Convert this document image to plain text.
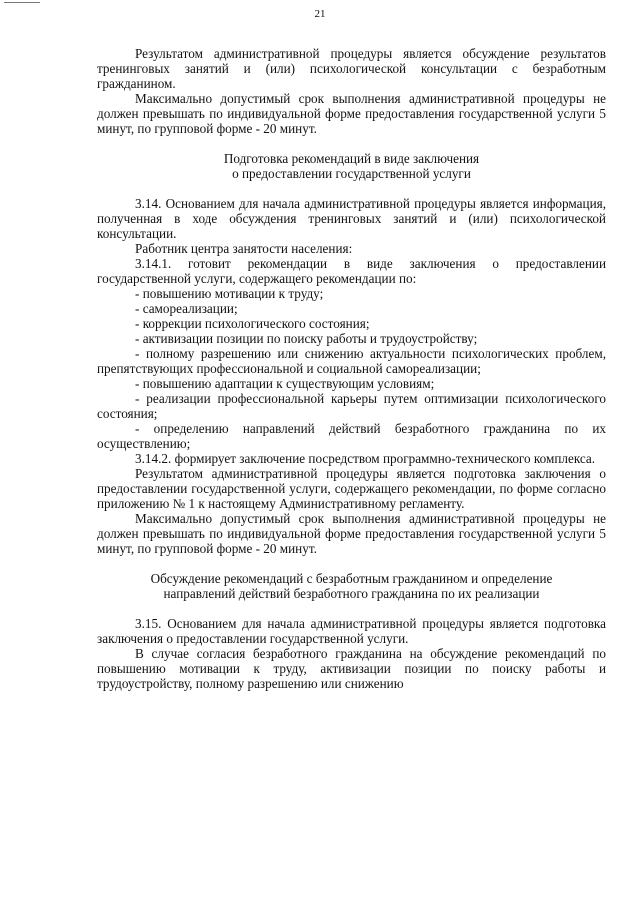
21

Результатом административной процедуры является обсуждение результатов тренинговых занятий и (или) психологической консультации с безработным гражданином.

Максимально допустимый срок выполнения административной процедуры не должен превышать по индивидуальной форме предоставления государственной услуги 5 минут, по групповой форме - 20 минут.

Подготовка рекомендаций в виде заключения

о предоставлении государственной услуги

3.14. Основанием для начала административной процедуры является информация, полученная в ходе обсуждения тренинговых занятий и (или) психологической консультации.

Работник центра занятости населения:

3.14.1. готовит рекомендации в виде заключения о предоставлении государственной услуги, содержащего рекомендации по:

- повышению мотивации к труду;

- самореализации;

- коррекции психологического состояния;

- активизации позиции по поиску работы и трудоустройству;

- полному разрешению или снижению актуальности психологических проблем, препятствующих профессиональной и социальной самореализации;

- повышению адаптации к существующим условиям;

- реализации профессиональной карьеры путем оптимизации психологического состояния;

- определению направлений действий безработного гражданина по их осуществлению;

3.14.2. формирует заключение посредством программно-технического комплекса.

Результатом административной процедуры является подготовка заключения о предоставлении государственной услуги, содержащего рекомендации, по форме согласно приложению № 1 к настоящему Административному регламенту.

Максимально допустимый срок выполнения административной процедуры не должен превышать по индивидуальной форме предоставления государственной услуги 5 минут, по групповой форме - 20 минут.

Обсуждение рекомендаций с безработным гражданином и определение

направлений действий безработного гражданина по их реализации

3.15. Основанием для начала административной процедуры является подготовка заключения о предоставлении государственной услуги.

В случае согласия безработного гражданина на обсуждение рекомендаций по повышению мотивации к труду, активизации позиции по поиску работы и трудоустройству, полному разрешению или снижению
